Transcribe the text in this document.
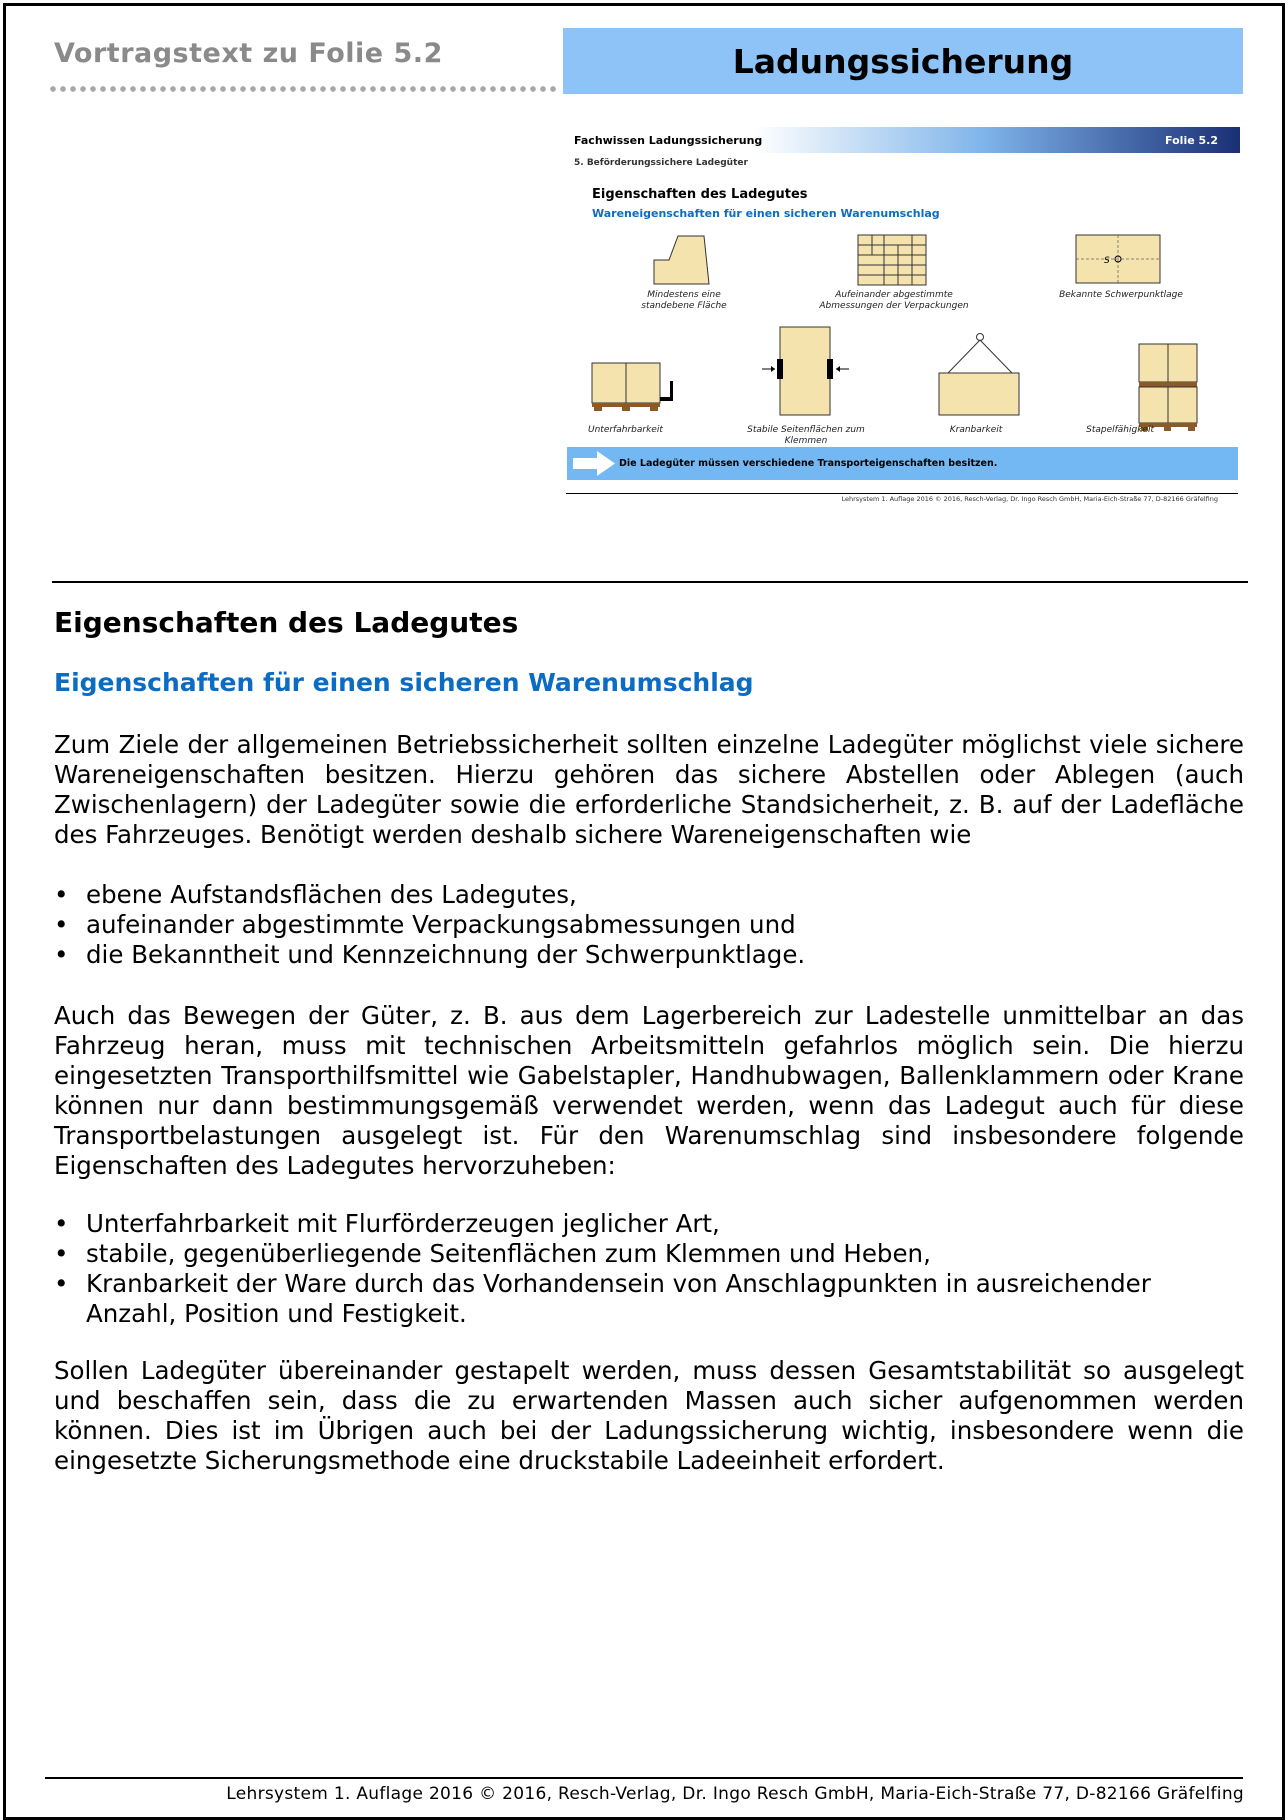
Vortragstext zu Folie 5.2	Ladungssicherung
Fachwissen Ladungssicherung	Folie 5.2
5. Beförderungssichere Ladegüter
Eigenschaften des Ladegutes
Wareneigenschaften für einen sicheren Warenumschlag
S
Mindestens eine standebene Fläche
Aufeinander abgestimmte Abmessungen der Verpackungen
Bekannte Schwerpunktlage
Unterfahrbarkeit	Stabile Seitenflächen zum Klemmen
Kranbarkeit	Stapelfähigkeit
Die Ladegüter müssen verschiedene Transporteigenschaften besitzen.
Lehrsystem 1. Auflage 2016 © 2016, Resch-Verlag, Dr. Ingo Resch GmbH, Maria-Eich-Straße 77, D-82166 Gräfelfing
Eigenschaften des Ladegutes
Eigenschaften für einen sicheren Warenumschlag
Zum Ziele der allgemeinen Betriebssicherheit sollten einzelne Ladegüter möglichst viele sichere Wareneigenschaften besitzen. Hierzu gehören das sichere Abstellen oder Ablegen (auch Zwischenlagern) der Ladegüter sowie die erforderliche Standsicherheit, z. B. auf der Ladefläche des Fahrzeuges. Benötigt werden deshalb sichere Wareneigenschaften wie
• ebene Aufstandsflächen des Ladegutes,
• aufeinander abgestimmte Verpackungsabmessungen und
• die Bekanntheit und Kennzeichnung der Schwerpunktlage.
Auch das Bewegen der Güter, z. B. aus dem Lagerbereich zur Ladestelle unmittelbar an das Fahrzeug heran, muss mit technischen Arbeitsmitteln gefahrlos möglich sein. Die hierzu eingesetzten Transporthilfsmittel wie Gabelstapler, Handhubwagen, Ballenklammern oder Krane können nur dann bestimmungsgemäß verwendet werden, wenn das Ladegut auch für diese Transportbelastungen ausgelegt ist. Für den Warenumschlag sind insbesondere folgende Eigenschaften des Ladegutes hervorzuheben:
• Unterfahrbarkeit mit Flurförderzeugen jeglicher Art,
• stabile, gegenüberliegende Seitenflächen zum Klemmen und Heben,
• Kranbarkeit der Ware durch das Vorhandensein von Anschlagpunkten in ausreichender Anzahl, Position und Festigkeit.
Sollen Ladegüter übereinander gestapelt werden, muss dessen Gesamtstabilität so ausgelegt und beschaffen sein, dass die zu erwartenden Massen auch sicher aufgenommen werden können. Dies ist im Übrigen auch bei der Ladungssicherung wichtig, insbesondere wenn die eingesetzte Sicherungsmethode eine druckstabile Ladeeinheit erfordert.
Lehrsystem 1. Auflage 2016 © 2016, Resch-Verlag, Dr. Ingo Resch GmbH, Maria-Eich-Straße 77, D-82166 Gräfelfing
